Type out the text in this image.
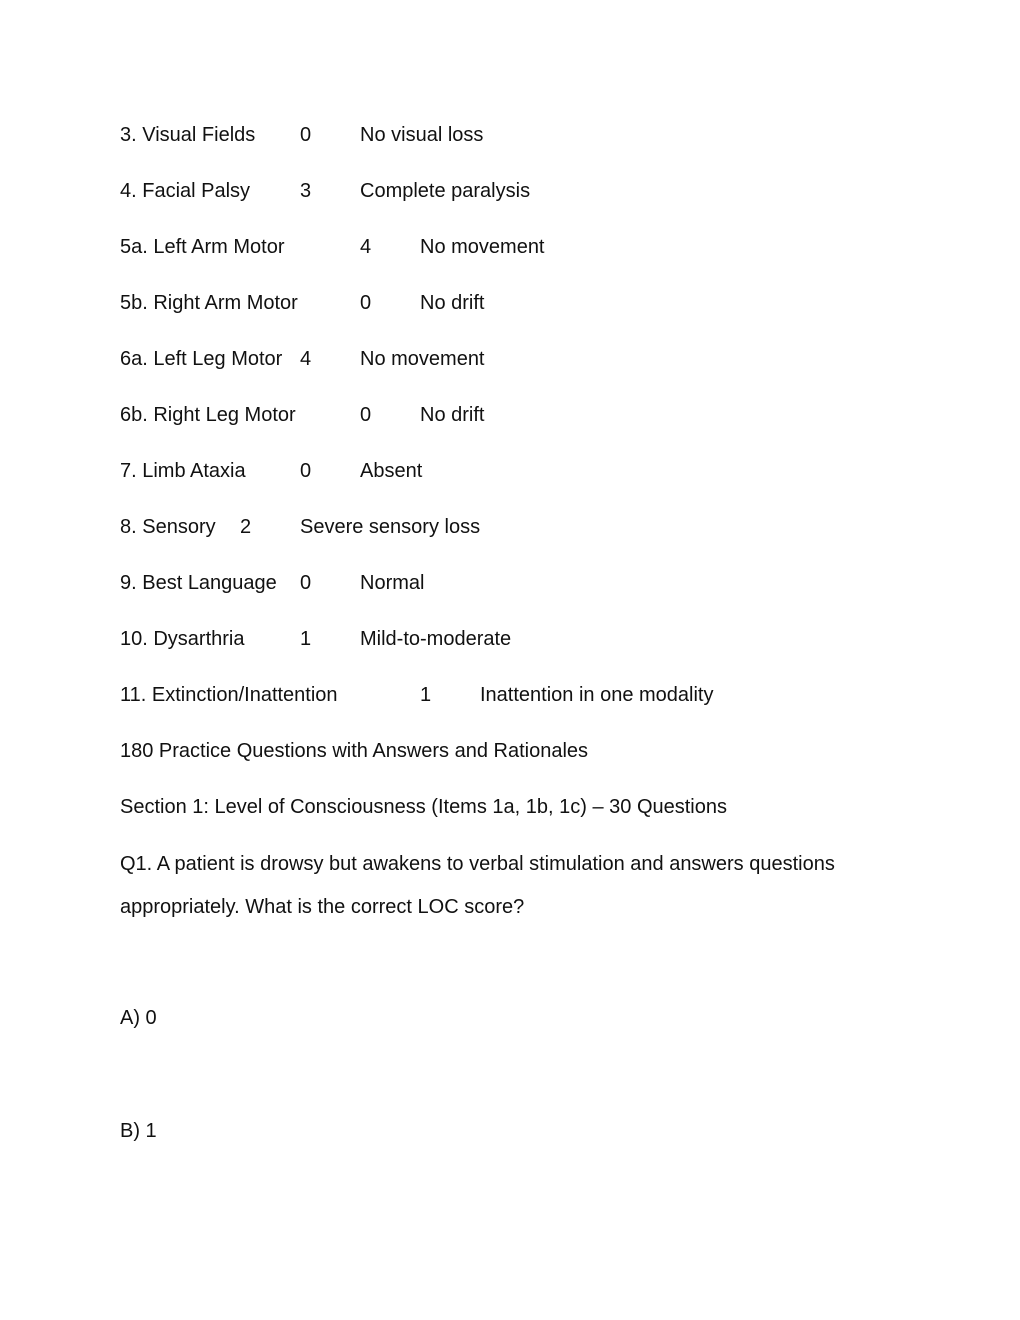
3. Visual Fields 0 No visual loss
4. Facial Palsy 3 Complete paralysis
5a. Left Arm Motor	4 No movement
5b. Right Arm Motor	0 No drift
6a. Left Leg Motor 4 No movement
6b. Right Leg Motor	0 No drift
7. Limb Ataxia	0 Absent
8. Sensory 2 Severe sensory loss
9. Best Language 0 Normal
10. Dysarthria	1 Mild-to-moderate
11. Extinction/Inattention	1 Inattention in one modality
180 Practice Questions with Answers and Rationales
Section 1: Level of Consciousness (Items 1a, 1b, 1c) – 30 Questions
Q1. A patient is drowsy but awakens to verbal stimulation and answers questions appropriately. What is the correct LOC score?
A) 0
B) 1
